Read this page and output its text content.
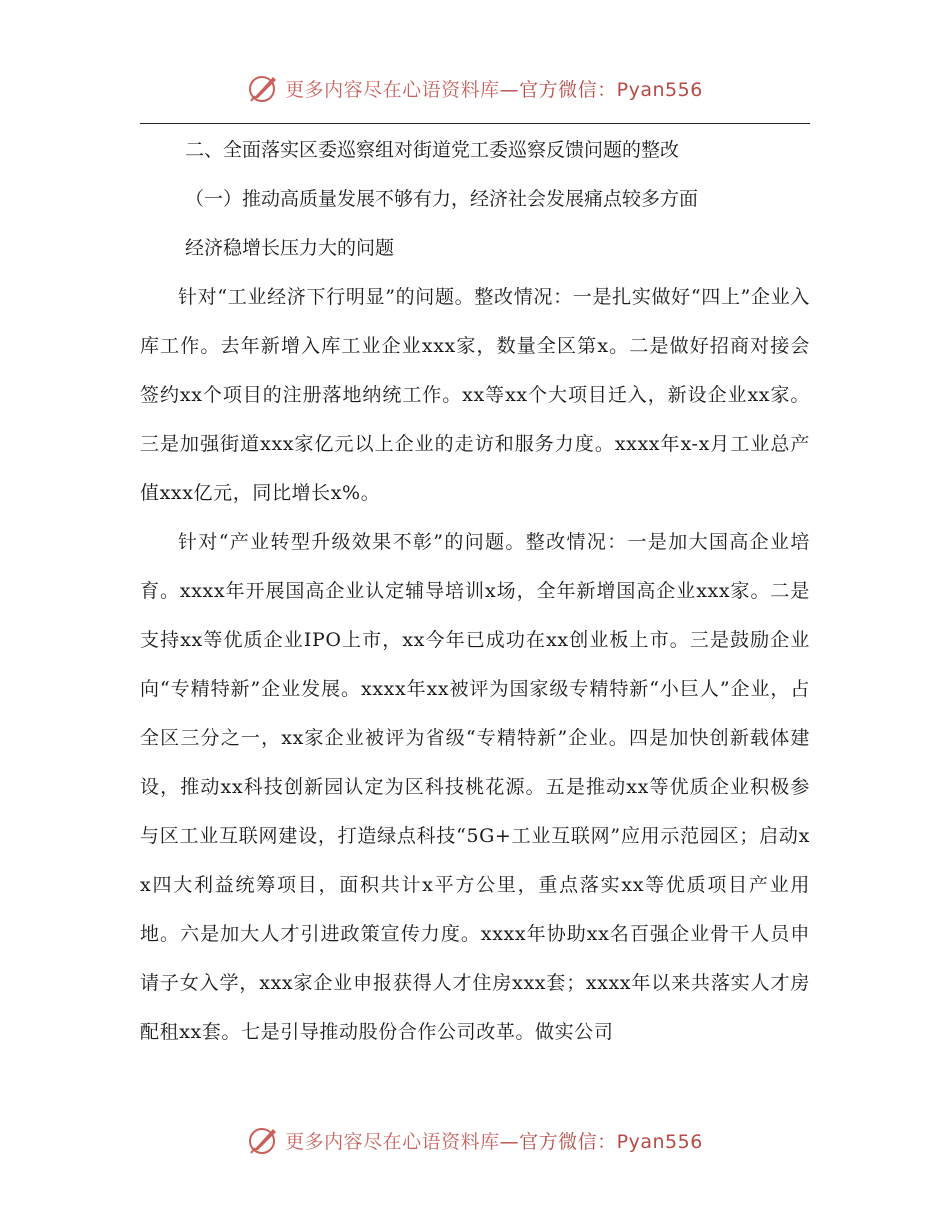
更多内容尽在心语资料库 —官方微信：Pyan556

二、全面落实区委巡察组对街道党工委巡察反馈问题的整改

（一）推动高质量发展不够有力，经济社会发展痛点较多方面

经济稳增长压力大的问题

针对“工业经济下行明显”的问题。整改情况：一是扎实做好“四上”企业入库工作。去年新增入库工业企业xxx家，数量全区第x。二是做好招商对接会签约xx个项目的注册落地纳统工作。xx等xx个大项目迁入，新设企业xx家。三是加强街道xxx家亿元以上企业的走访和服务力度。xxxx年x-x月工业总产值xxx亿元，同比增长x%。

针对“产业转型升级效果不彰”的问题。整改情况：一是加大国高企业培育。xxxx年开展国高企业认定辅导培训x场，全年新增国高企业xxx家。二是支持xx等优质企业IPO上市，xx今年已成功在xx创业板上市。三是鼓励企业向“专精特新”企业发展。xxxx年xx被评为国家级专精特新“小巨人”企业，占全区三分之一，xx家企业被评为省级“专精特新”企业。四是加快创新载体建设，推动xx科技创新园认定为区科技桃花源。五是推动xx等优质企业积极参与区工业互联网建设，打造绿点科技“5G+工业互联网”应用示范园区；启动xx四大利益统筹项目，面积共计x平方公里，重点落实xx等优质项目产业用地。六是加大人才引进政策宣传力度。xxxx年协助xx名百强企业骨干人员申请子女入学，xxx家企业申报获得人才住房xxx套；xxxx年以来共落实人才房配租xx套。七是引导推动股份合作公司改革。做实公司

更多内容尽在心语资料库 —官方微信：Pyan556
